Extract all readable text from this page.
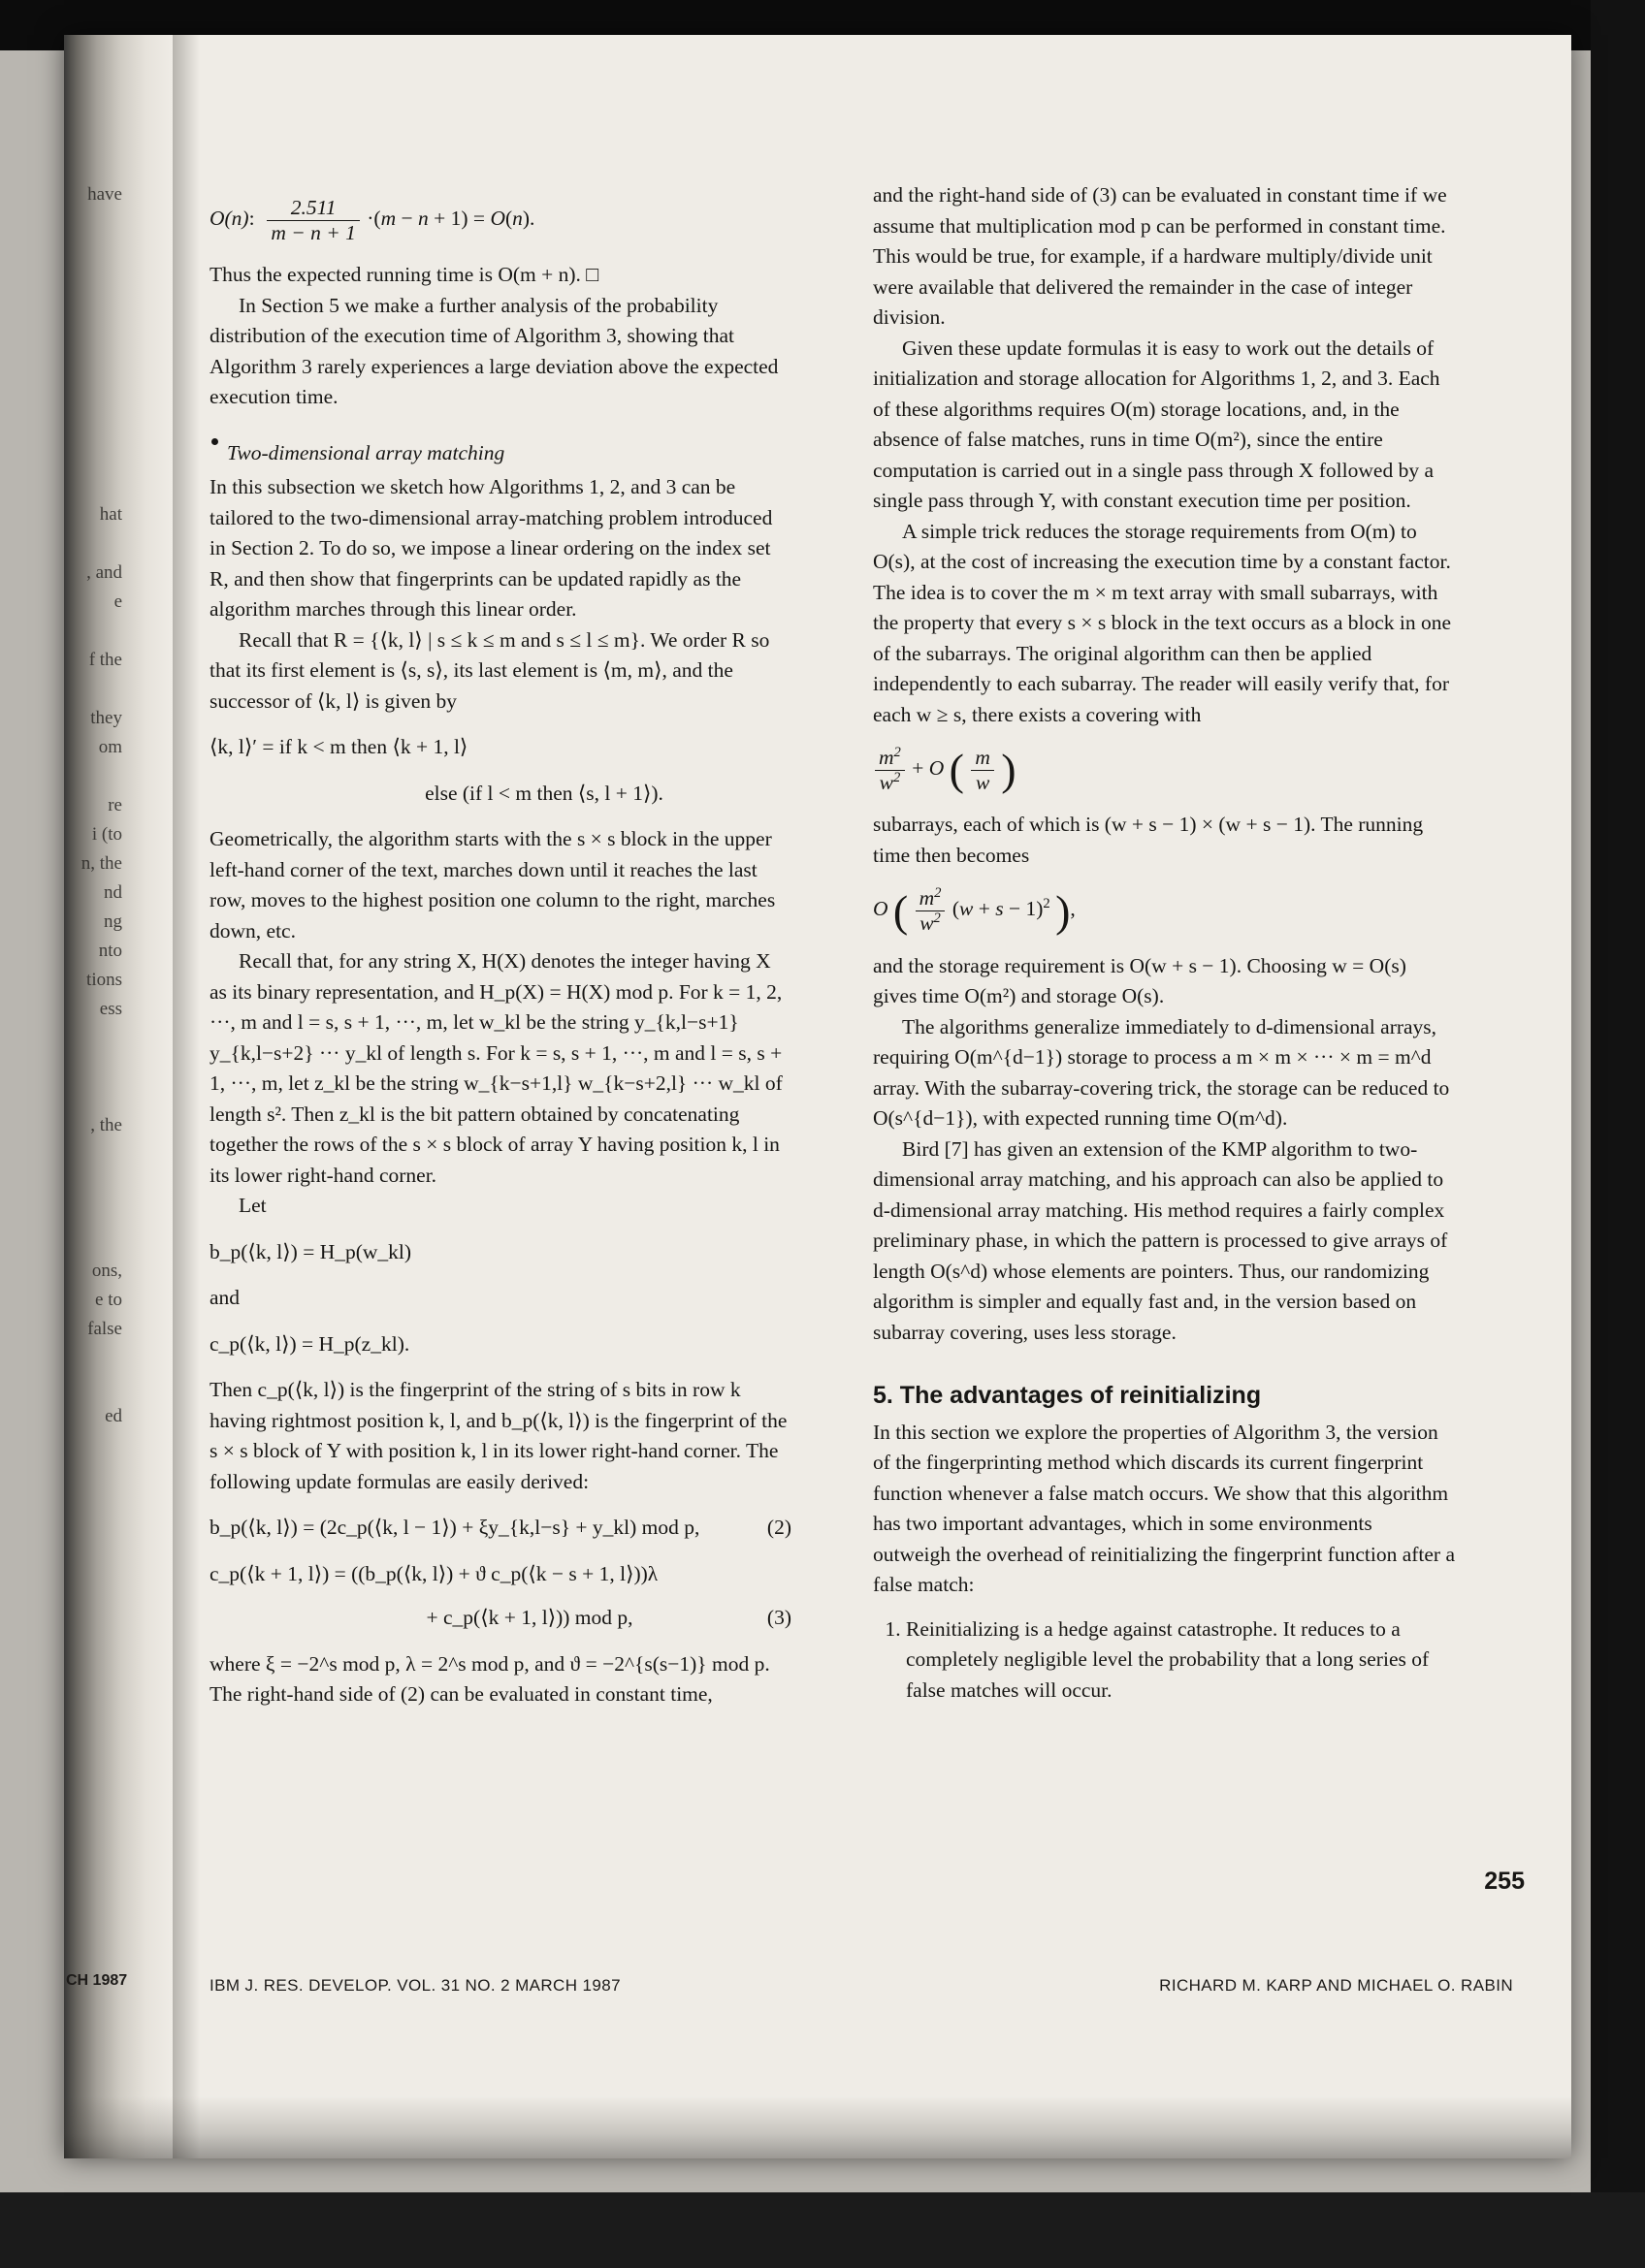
have

hat

, and
e

f the

they
om

re
i (to
n, the
nd
ng
nto
tions
ess

, the

ons,
e to
false

ed
CH 1987
O(n): $\frac{2.511}{m - n + 1} \cdot(m - n + 1) = O(n)$.

Thus the expected running time is O(m + n). □

In Section 5 we make a further analysis of the probability distribution of the execution time of Algorithm 3, showing that Algorithm 3 rarely experiences a large deviation above the expected execution time.

Two-dimensional array matching

In this subsection we sketch how Algorithms 1, 2, and 3 can be tailored to the two-dimensional array-matching problem introduced in Section 2. To do so, we impose a linear ordering on the index set R, and then show that fingerprints can be updated rapidly as the algorithm marches through this linear order.

Recall that R = {⟨k, l⟩ | s ≤ k ≤ m and s ≤ l ≤ m}. We order R so that its first element is ⟨s, s⟩, its last element is ⟨m, m⟩, and the successor of ⟨k, l⟩ is given by

⟨k, l⟩′ = if k < m then ⟨k + 1, l⟩
else (if l < m then ⟨s, l + 1⟩).

Geometrically, the algorithm starts with the s × s block in the upper left-hand corner of the text, marches down until it reaches the last row, moves to the highest position one column to the right, marches down, etc.

Recall that, for any string X, H(X) denotes the integer having X as its binary representation, and H_p(X) = H(X) mod p. For k = 1, 2, ···, m and l = s, s + 1, ···, m, let w_kl be the string y_{k,l−s+1} y_{k,l−s+2} ··· y_kl of length s. For k = s, s + 1, ···, m and l = s, s + 1, ···, m, let z_kl be the string w_{k−s+1,l} w_{k−s+2,l} ··· w_kl of length s². Then z_kl is the bit pattern obtained by concatenating together the rows of the s × s block of array Y having position k, l in its lower right-hand corner.

Let

b_p(⟨k, l⟩) = H_p(w_kl)
and
c_p(⟨k, l⟩) = H_p(z_kl).

Then c_p(⟨k, l⟩) is the fingerprint of the string of s bits in row k having rightmost position k, l, and b_p(⟨k, l⟩) is the fingerprint of the s × s block of Y with position k, l in its lower right-hand corner. The following update formulas are easily derived:

b_p(⟨k, l⟩) = (2c_p(⟨k, l − 1⟩) + ξy_{k,l−s} + y_kl) mod p,	(2)
c_p(⟨k + 1, l⟩) = ((b_p(⟨k, l⟩) + ϑ c_p(⟨k − s + 1, l⟩))λ
+ c_p(⟨k + 1, l⟩)) mod p,	(3)

where ξ = −2^s mod p, λ = 2^s mod p, and ϑ = −2^{s(s−1)} mod p. The right-hand side of (2) can be evaluated in constant time,

and the right-hand side of (3) can be evaluated in constant time if we assume that multiplication mod p can be performed in constant time. This would be true, for example, if a hardware multiply/divide unit were available that delivered the remainder in the case of integer division.

Given these update formulas it is easy to work out the details of initialization and storage allocation for Algorithms 1, 2, and 3. Each of these algorithms requires O(m) storage locations, and, in the absence of false matches, runs in time O(m²), since the entire computation is carried out in a single pass through X followed by a single pass through Y, with constant execution time per position.

A simple trick reduces the storage requirements from O(m) to O(s), at the cost of increasing the execution time by a constant factor. The idea is to cover the m × m text array with small subarrays, with the property that every s × s block in the text occurs as a block in one of the subarrays. The original algorithm can then be applied independently to each subarray. The reader will easily verify that, for each w ≥ s, there exists a covering with

$\frac{m^2}{w^2} + O$ ( $\frac{m}{w}$ )

subarrays, each of which is (w + s − 1) × (w + s − 1). The running time then becomes

O ( $\frac{m^2}{w^2} (w + s - 1)^2$ ),

and the storage requirement is O(w + s − 1). Choosing w = O(s) gives time O(m²) and storage O(s).

The algorithms generalize immediately to d-dimensional arrays, requiring O(m^{d−1}) storage to process a m × m × ··· × m = m^d array. With the subarray-covering trick, the storage can be reduced to O(s^{d−1}), with expected running time O(m^d).

Bird [7] has given an extension of the KMP algorithm to two-dimensional array matching, and his approach can also be applied to d-dimensional array matching. His method requires a fairly complex preliminary phase, in which the pattern is processed to give arrays of length O(s^d) whose elements are pointers. Thus, our randomizing algorithm is simpler and equally fast and, in the version based on subarray covering, uses less storage.

5. The advantages of reinitializing

In this section we explore the properties of Algorithm 3, the version of the fingerprinting method which discards its current fingerprint function whenever a false match occurs. We show that this algorithm has two important advantages, which in some environments outweigh the overhead of reinitializing the fingerprint function after a false match:

1. Reinitializing is a hedge against catastrophe. It reduces to a completely negligible level the probability that a long series of false matches will occur.
255
IBM J. RES. DEVELOP. VOL. 31 NO. 2 MARCH 1987	RICHARD M. KARP AND MICHAEL O. RABIN
